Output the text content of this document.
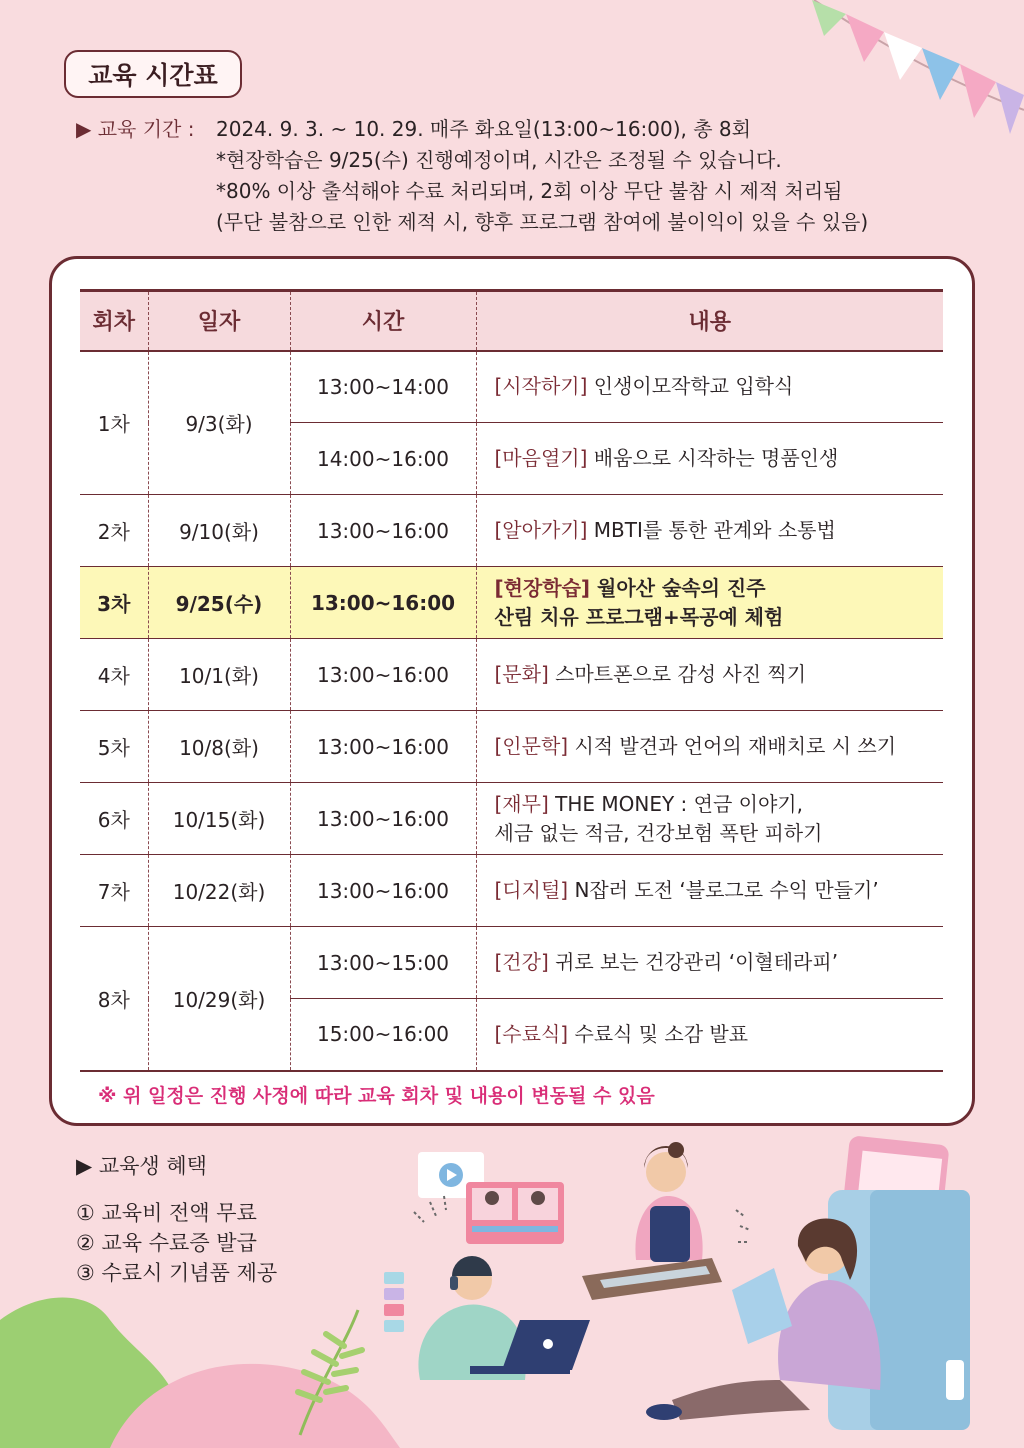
교육 시간표
▶ 교육 기간 :	2024. 9. 3. ~ 10. 29. 매주 화요일(13:00~16:00), 총 8회
*현장학습은 9/25(수) 진행예정이며, 시간은 조정될 수 있습니다.
*80% 이상 출석해야 수료 처리되며, 2회 이상 무단 불참 시 제적 처리됨
(무단 불참으로 인한 제적 시, 향후 프로그램 참여에 불이익이 있을 수 있음)
회차	일자	시간	내용
1차	9/3(화)	13:00~14:00	[시작하기] 인생이모작학교 입학식
		14:00~16:00	[마음열기] 배움으로 시작하는 명품인생
2차	9/10(화)	13:00~16:00	[알아가기] MBTI를 통한 관계와 소통법
3차	9/25(수)	13:00~16:00	[현장학습] 월아산 숲속의 진주
산림 치유 프로그램+목공예 체험
4차	10/1(화)	13:00~16:00	[문화] 스마트폰으로 감성 사진 찍기
5차	10/8(화)	13:00~16:00	[인문학] 시적 발견과 언어의 재배치로 시 쓰기
6차	10/15(화)	13:00~16:00	[재무] THE MONEY : 연금 이야기,
세금 없는 적금, 건강보험 폭탄 피하기
7차	10/22(화)	13:00~16:00	[디지털] N잡러 도전 ‘블로그로 수익 만들기’
8차	10/29(화)	13:00~15:00	[건강] 귀로 보는 건강관리 ‘이혈테라피’
		15:00~16:00	[수료식] 수료식 및 소감 발표
※ 위 일정은 진행 사정에 따라 교육 회차 및 내용이 변동될 수 있음
▶ 교육생 혜택
① 교육비 전액 무료
② 교육 수료증 발급
③ 수료시 기념품 제공
